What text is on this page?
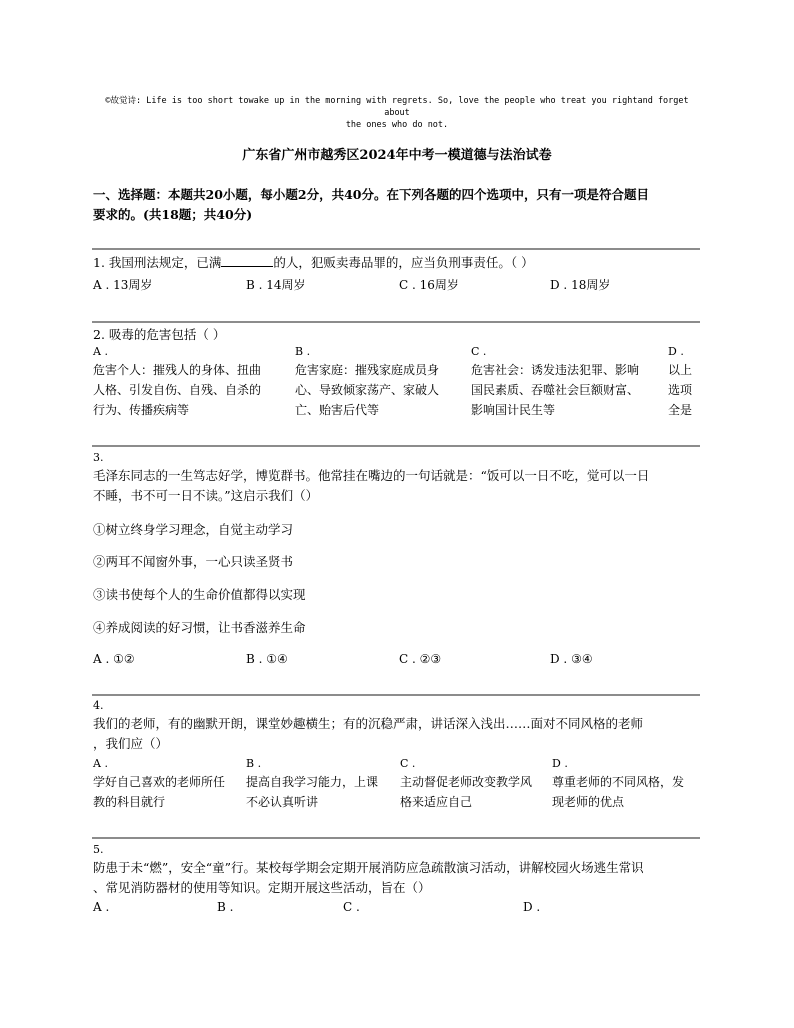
©故觉诗: Life is too short towake up in the morning with regrets. So, love the people who treat you rightand forget about
the ones who do not.
广东省广州市越秀区2024年中考一模道德与法治试卷
一、选择题：本题共20小题，每小题2分，共40分。在下列各题的四个选项中，只有一项是符合题目
要求的。(共18题；共40分)
1. 我国刑法规定，已满	的人，犯贩卖毒品罪的，应当负刑事责任。（ ）
A . 13周岁	B . 14周岁	C . 16周岁	D . 18周岁
2. 吸毒的危害包括（ ）
A .
危害个人：摧残人的身体、扭曲
人格、引发自伤、自残、自杀的
行为、传播疾病等
B .
危害家庭：摧残家庭成员身
心、导致倾家荡产、家破人
亡、贻害后代等
C .
危害社会：诱发违法犯罪、影响
国民素质、吞噬社会巨额财富、
影响国计民生等
D .
以上
选项
全是
3.
毛泽东同志的一生笃志好学，博览群书。他常挂在嘴边的一句话就是：“饭可以一日不吃，觉可以一日
不睡，书不可一日不读。”这启示我们（）
①树立终身学习理念，自觉主动学习
②两耳不闻窗外事，一心只读圣贤书
③读书使每个人的生命价值都得以实现
④养成阅读的好习惯，让书香滋养生命
A . ①②	B . ①④	C . ②③	D . ③④
4.
我们的老师，有的幽默开朗，课堂妙趣横生；有的沉稳严肃，讲话深入浅出……面对不同风格的老师
，我们应（）
A .
学好自己喜欢的老师所任
教的科目就行
B .
提高自我学习能力，上课
不必认真听讲
C .
主动督促老师改变教学风
格来适应自己
D .
尊重老师的不同风格，发
现老师的优点
5.
防患于未“燃”，安全“童”行。某校每学期会定期开展消防应急疏散演习活动，讲解校园火场逃生常识
、常见消防器材的使用等知识。定期开展这些活动，旨在（）
A .	B .	C .	D .
